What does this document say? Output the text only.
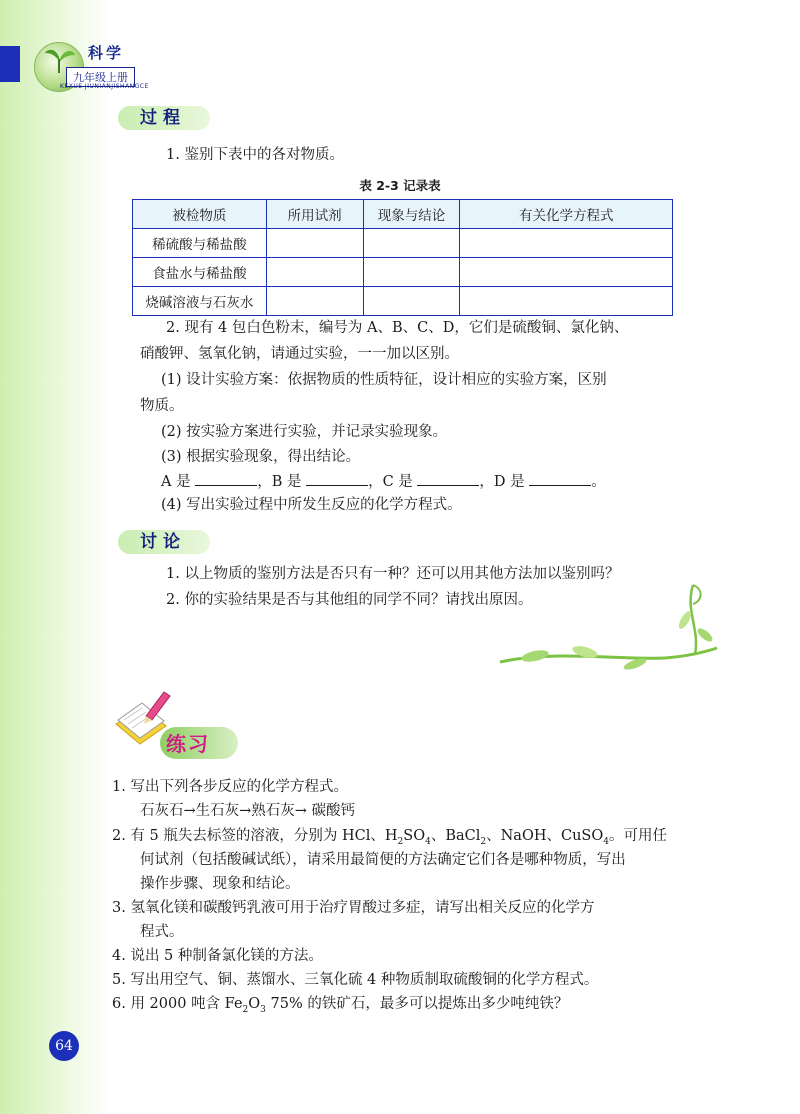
科学
九年级上册
KEXUE JIUNIANJISHANGCE
过程
1. 鉴别下表中的各对物质。
表 2-3 记录表
被检物质	所用试剂	现象与结论	有关化学方程式
稀硫酸与稀盐酸			
食盐水与稀盐酸			
烧碱溶液与石灰水			
2. 现有 4 包白色粉末，编号为 A、B、C、D，它们是硫酸铜、氯化钠、
硝酸钾、氢氧化钠，请通过实验，一一加以区别。
(1) 设计实验方案：依据物质的性质特征，设计相应的实验方案，区别
物质。
(2) 按实验方案进行实验，并记录实验现象。
(3) 根据实验现象，得出结论。
A 是	，B 是	，C 是	，D 是	。
(4) 写出实验过程中所发生反应的化学方程式。
讨论
1. 以上物质的鉴别方法是否只有一种？还可以用其他方法加以鉴别吗？
2. 你的实验结果是否与其他组的同学不同？请找出原因。
练习
1. 写出下列各步反应的化学方程式。
石灰石→生石灰→熟石灰→ 碳酸钙
2. 有 5 瓶失去标签的溶液，分别为 HCl、$H_2SO_4$、BaCl$_2$、NaOH、CuSO$_4$。可用任
何试剂（包括酸碱试纸），请采用最简便的方法确定它们各是哪种物质，写出
操作步骤、现象和结论。
3. 氢氧化镁和碳酸钙乳液可用于治疗胃酸过多症，请写出相关反应的化学方
程式。
4. 说出 5 种制备氯化镁的方法。
5. 写出用空气、铜、蒸馏水、三氧化硫 4 种物质制取硫酸铜的化学方程式。
6. 用 2000 吨含 $Fe_2O_3$ 75% 的铁矿石，最多可以提炼出多少吨纯铁？
64
